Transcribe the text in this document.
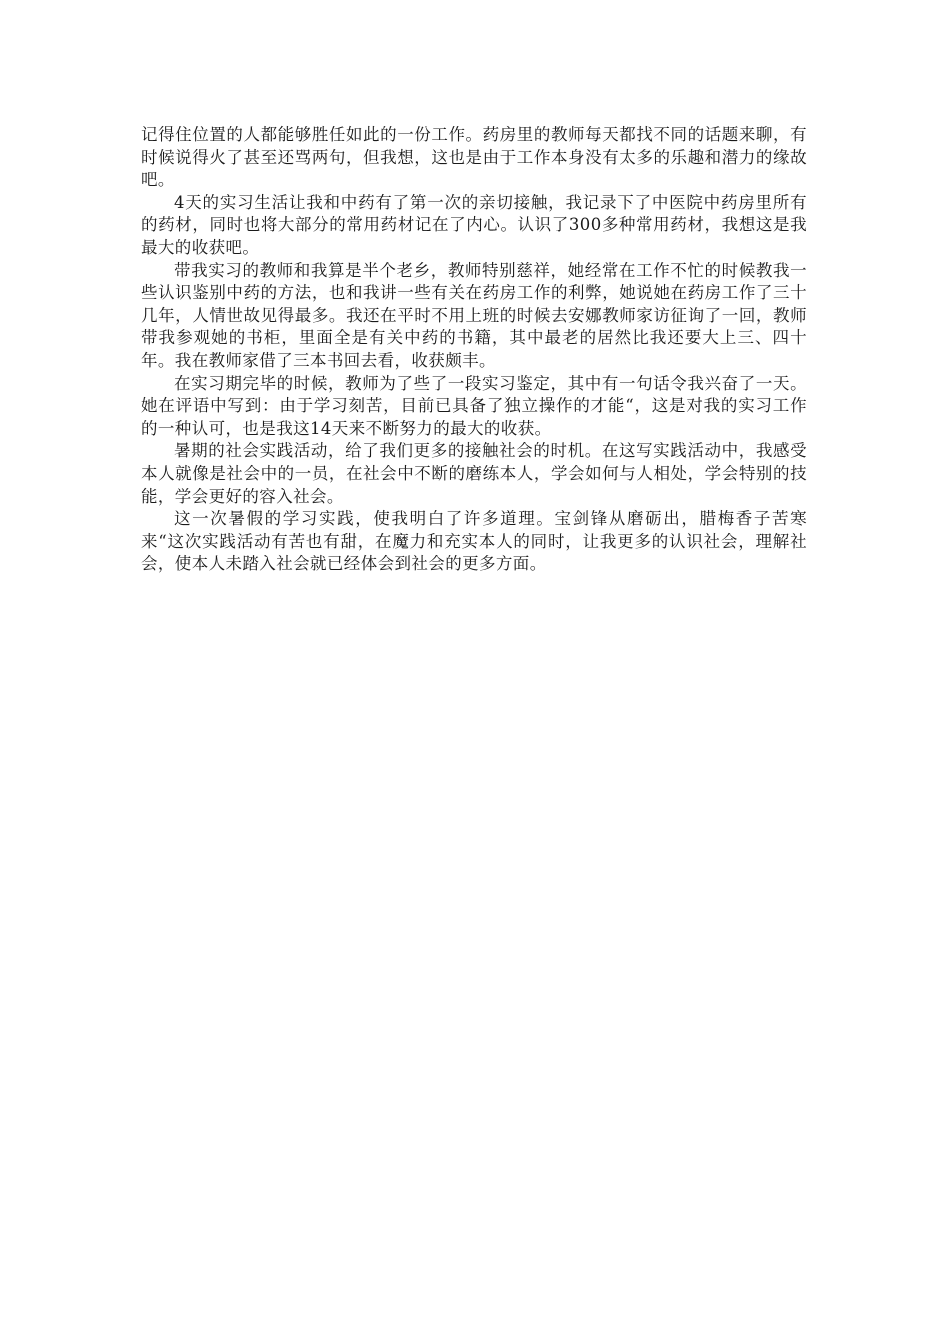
记得住位置的人都能够胜任如此的一份工作。药房里的教师每天都找不同的话题来聊，有时候说得火了甚至还骂两句，但我想，这也是由于工作本身没有太多的乐趣和潜力的缘故吧。

4天的实习生活让我和中药有了第一次的亲切接触，我记录下了中医院中药房里所有的药材，同时也将大部分的常用药材记在了内心。认识了300多种常用药材，我想这是我最大的收获吧。

带我实习的教师和我算是半个老乡，教师特别慈祥，她经常在工作不忙的时候教我一些认识鉴别中药的方法，也和我讲一些有关在药房工作的利弊，她说她在药房工作了三十几年，人情世故见得最多。我还在平时不用上班的时候去安娜教师家访征询了一回，教师带我参观她的书柜，里面全是有关中药的书籍，其中最老的居然比我还要大上三、四十年。我在教师家借了三本书回去看，收获颇丰。

在实习期完毕的时候，教师为了些了一段实习鉴定，其中有一句话令我兴奋了一天。她在评语中写到：由于学习刻苦，目前已具备了独立操作的才能“，这是对我的实习工作的一种认可，也是我这14天来不断努力的最大的收获。

暑期的社会实践活动，给了我们更多的接触社会的时机。在这写实践活动中，我感受本人就像是社会中的一员，在社会中不断的磨练本人，学会如何与人相处，学会特别的技能，学会更好的容入社会。

这一次暑假的学习实践，使我明白了许多道理。宝剑锋从磨砺出，腊梅香子苦寒来“这次实践活动有苦也有甜，在魔力和充实本人的同时，让我更多的认识社会，理解社会，使本人未踏入社会就已经体会到社会的更多方面。
